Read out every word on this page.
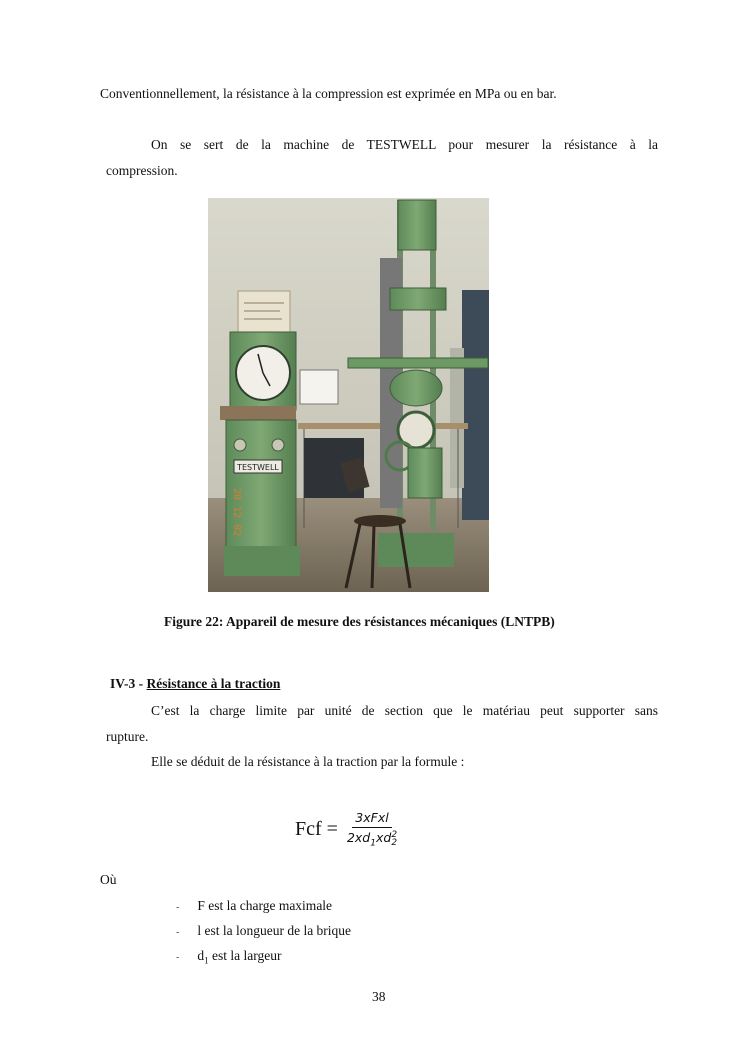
Conventionnellement, la résistance à la compression est exprimée en MPa ou en bar.
On se sert de la machine de TESTWELL pour mesurer la résistance à la
compression.
TESTWELL
20 12 02
Figure 22: Appareil de mesure des résistances mécaniques (LNTPB)
IV-3 - Résistance à la traction
C’est la charge limite par unité de section que le matériau peut supporter sans
rupture.
Elle se déduit de la résistance à la traction par la formule :
Fcf = 3xFxl
$2xd_1xd$ 2
2
Où
- F est la charge maximale
- l est la longueur de la brique
- $d_1$ est la largeur
38
